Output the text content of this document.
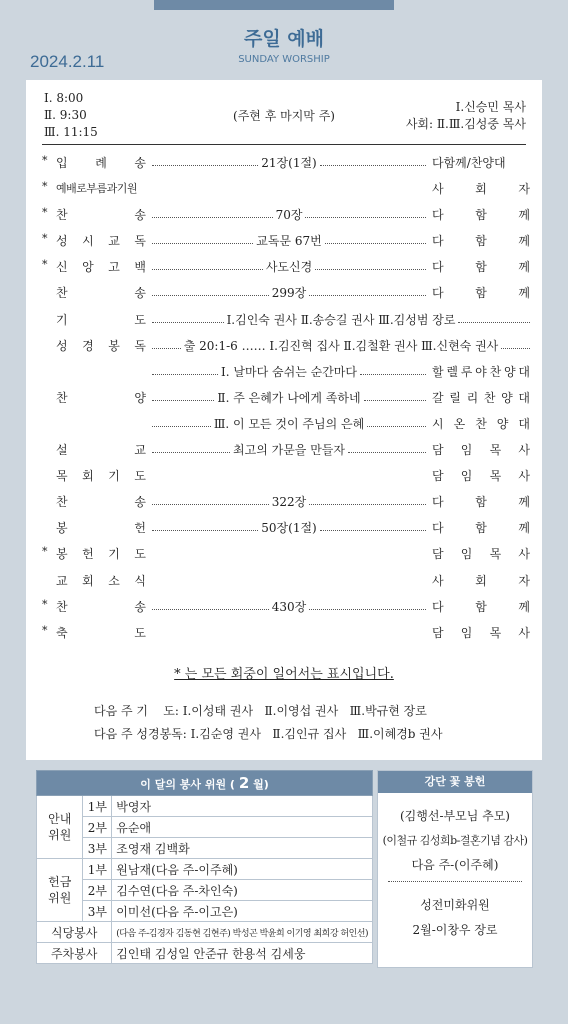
주일 예배
SUNDAY WORSHIP
2024.2.11
Ⅰ. 8:00
Ⅱ. 9:30
Ⅲ. 11:15
(주현 후 마지막 주)
Ⅰ.신승민 목사
사회: Ⅱ.Ⅲ.김성중 목사
* 입 례 송	21장(1절)	다함께/찬양대
* 예배로부름과기원	사	회	자
* 찬	송	70장	다	함	께
* 성 시 교 독	교독문 67번	다	함	께
* 신 앙 고 백	사도신경	다	함	께
찬	송	299장	다	함	께
기	도	Ⅰ.김인숙 권사 Ⅱ.송승길 권사 Ⅲ.김성범 장로
성 경 봉 독	출 20:1-6 …… Ⅰ.김진혁 집사 Ⅱ.김철환 권사 Ⅲ.신현숙 권사
Ⅰ. 날마다 숨쉬는 순간마다	할 렐 루 야 찬 양 대
찬	양	Ⅱ. 주 은혜가 나에게 족하네	갈 릴 리 찬 양 대
Ⅲ. 이 모든 것이 주님의 은혜	시 온 찬 양 대
설	교	최고의 가문을 만들자	담 임 목 사
목 회 기 도	담 임 목 사
찬	송	322장	다	함	께
봉	헌	50장(1절)	다	함	께
* 봉 헌 기 도	담 임 목 사
교 회 소 식	사	회	자
* 찬	송	430장	다	함	께
* 축	도	담 임 목 사
* 는 모든 회중이 일어서는 표시입니다.
다음 주 기    도: Ⅰ.이성태 권사   Ⅱ.이영섭 권사   Ⅲ.박규현 장로
다음 주 성경봉독: Ⅰ.김순영 권사   Ⅱ.김인규 집사   Ⅲ.이혜경b 권사
이 달의 봉사 위원 ( 2 월)		
안내
위원	1부	박영자
	2부	유순애
	3부	조영재 김백화
헌금
위원	1부	원남재(다음 주-이주혜)
	2부	김수연(다음 주-차인숙)
	3부	이미선(다음 주-이고은)
식당봉사		(다음 주-김경자 김동현 김현주) 박성곤 박윤희 이기영 최희강 허인선)
주차봉사		김인태 김성일 안준규 한용석 김세웅
강단 꽃 봉헌
(김행선-부모님 추모)
(이철규 김성희b-결혼기념 감사)
다음 주-(이주혜)
성전미화위원
2월-이창우 장로
